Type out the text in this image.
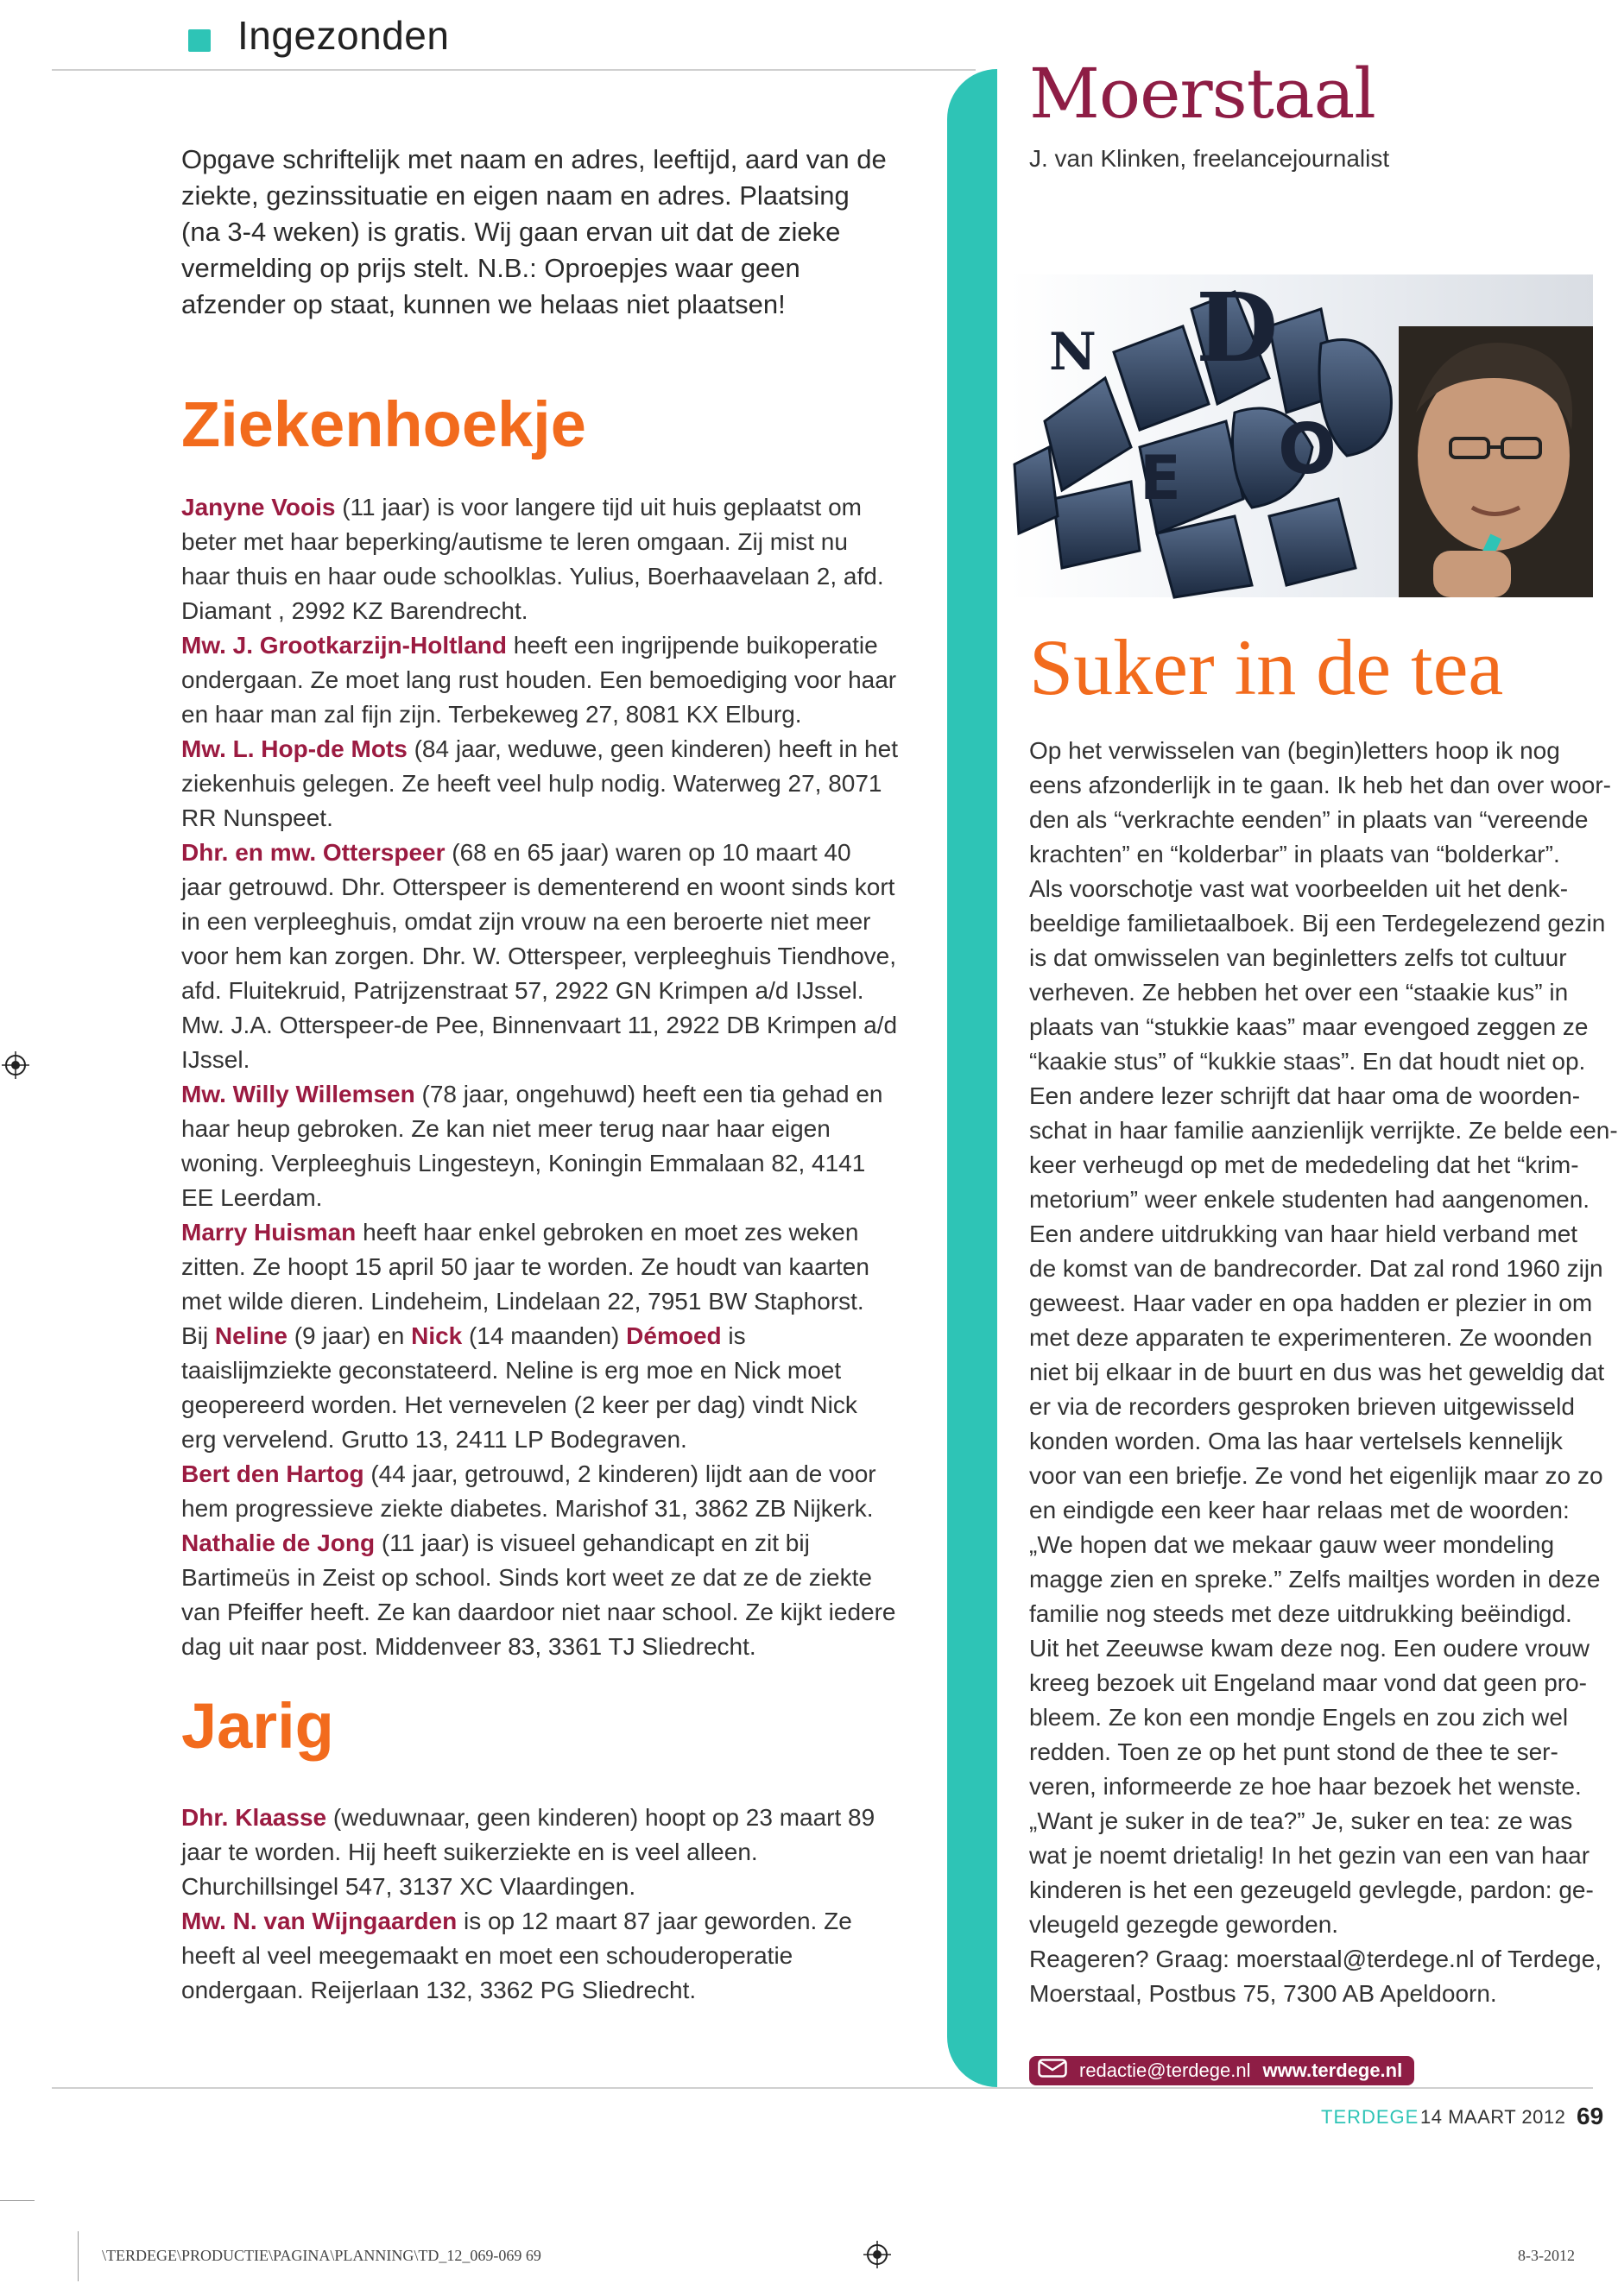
Ingezonden
Opgave schriftelijk met naam en adres, leeftijd, aard van de ziekte, gezinssituatie en eigen naam en adres. Plaatsing (na 3-4 weken) is gratis. Wij gaan ervan uit dat de zieke vermelding op prijs stelt. N.B.: Oproepjes waar geen afzender op staat, kunnen we helaas niet plaatsen!
Ziekenhoekje

Janyne Voois (11 jaar) is voor langere tijd uit huis geplaatst om beter met haar beperking/autisme te leren omgaan. Zij mist nu haar thuis en haar oude schoolklas. Yulius, Boerhaavelaan 2, afd. Diamant , 2992 KZ Barendrecht.

Mw. J. Grootkarzijn-Holtland heeft een ingrijpende buikoperatie ondergaan. Ze moet lang rust houden. Een bemoediging voor haar en haar man zal fijn zijn. Terbekeweg 27, 8081 KX Elburg.

Mw. L. Hop-de Mots (84 jaar, weduwe, geen kinderen) heeft in het ziekenhuis gelegen. Ze heeft veel hulp nodig. Waterweg 27, 8071 RR Nunspeet.

Dhr. en mw. Otterspeer (68 en 65 jaar) waren op 10 maart 40 jaar getrouwd. Dhr. Otterspeer is dementerend en woont sinds kort in een verpleeghuis, omdat zijn vrouw na een beroerte niet meer voor hem kan zorgen. Dhr. W. Otterspeer, verpleeghuis Tiendhove, afd. Fluitekruid, Patrijzenstraat 57, 2922 GN Krimpen a/d IJssel. Mw. J.A. Otterspeer-de Pee, Binnenvaart 11, 2922 DB Krimpen a/d IJssel.

Mw. Willy Willemsen (78 jaar, ongehuwd) heeft een tia gehad en haar heup gebroken. Ze kan niet meer terug naar haar eigen woning. Verpleeghuis Lingesteyn, Koningin Emmalaan 82, 4141 EE Leerdam.

Marry Huisman heeft haar enkel gebroken en moet zes weken zitten. Ze hoopt 15 april 50 jaar te worden. Ze houdt van kaarten met wilde dieren. Lindeheim, Lindelaan 22, 7951 BW Staphorst.

Bij Neline (9 jaar) en Nick (14 maanden) Démoed is taaislijmziekte geconstateerd. Neline is erg moe en Nick moet geopereerd worden. Het vernevelen (2 keer per dag) vindt Nick erg vervelend. Grutto 13, 2411 LP Bodegraven.

Bert den Hartog (44 jaar, getrouwd, 2 kinderen) lijdt aan de voor hem progressieve ziekte diabetes. Marishof 31, 3862 ZB Nijkerk.

Nathalie de Jong (11 jaar) is visueel gehandicapt en zit bij Bartimeüs in Zeist op school. Sinds kort weet ze dat ze de ziekte van Pfeiffer heeft. Ze kan daardoor niet naar school. Ze kijkt iedere dag uit naar post. Middenveer 83, 3361 TJ Sliedrecht.

Jarig

Dhr. Klaasse (weduwnaar, geen kinderen) hoopt op 23 maart 89 jaar te worden. Hij heeft suikerziekte en is veel alleen. Churchillsingel 547, 3137 XC Vlaardingen.

Mw. N. van Wijngaarden is op 12 maart 87 jaar geworden. Ze heeft al veel meegemaakt en moet een schouderoperatie ondergaan. Reijerlaan 132, 3362 PG Sliedrecht.

Moerstaal
J. van Klinken, freelancejournalist
N D
O
E
Suker in de tea
Op het verwisselen van (begin)letters hoop ik nog
eens afzonderlijk in te gaan. Ik heb het dan over woor-
den als “verkrachte eenden” in plaats van “vereende
krachten” en “kolderbar” in plaats van “bolderkar”.
Als voorschotje vast wat voorbeelden uit het denk-
beeldige familietaalboek. Bij een Terdegelezend gezin
is dat omwisselen van beginletters zelfs tot cultuur
verheven. Ze hebben het over een “staakie kus” in
plaats van “stukkie kaas” maar evengoed zeggen ze
“kaakie stus” of “kukkie staas”. En dat houdt niet op.
Een andere lezer schrijft dat haar oma de woorden-
schat in haar familie aanzienlijk verrijkte. Ze belde een-
keer verheugd op met de mededeling dat het “krim-
metorium” weer enkele studenten had aangenomen.
Een andere uitdrukking van haar hield verband met
de komst van de bandrecorder. Dat zal rond 1960 zijn
geweest. Haar vader en opa hadden er plezier in om
met deze apparaten te experimenteren. Ze woonden
niet bij elkaar in de buurt en dus was het geweldig dat
er via de recorders gesproken brieven uitgewisseld
konden worden. Oma las haar vertelsels kennelijk
voor van een briefje. Ze vond het eigenlijk maar zo zo
en eindigde een keer haar relaas met de woorden:
„We hopen dat we mekaar gauw weer mondeling
magge zien en spreke.” Zelfs mailtjes worden in deze
familie nog steeds met deze uitdrukking beëindigd.
Uit het Zeeuwse kwam deze nog. Een oudere vrouw
kreeg bezoek uit Engeland maar vond dat geen pro-
bleem. Ze kon een mondje Engels en zou zich wel
redden. Toen ze op het punt stond de thee te ser-
veren, informeerde ze hoe haar bezoek het wenste.
„Want je suker in de tea?” Je, suker en tea: ze was
wat je noemt drietalig! In het gezin van een van haar
kinderen is het een gezeugeld gevlegde, pardon: ge-
vleugeld gezegde geworden.
Reageren? Graag: moerstaal@terdege.nl of Terdege,
Moerstaal, Postbus 75, 7300 AB Apeldoorn.
redactie@terdege.nl www.terdege.nl
TERDEGE 14 MAART 2012 69
\TERDEGE\PRODUCTIE\PAGINA\PLANNING\TD_12_069-069 69	8-3-2012
